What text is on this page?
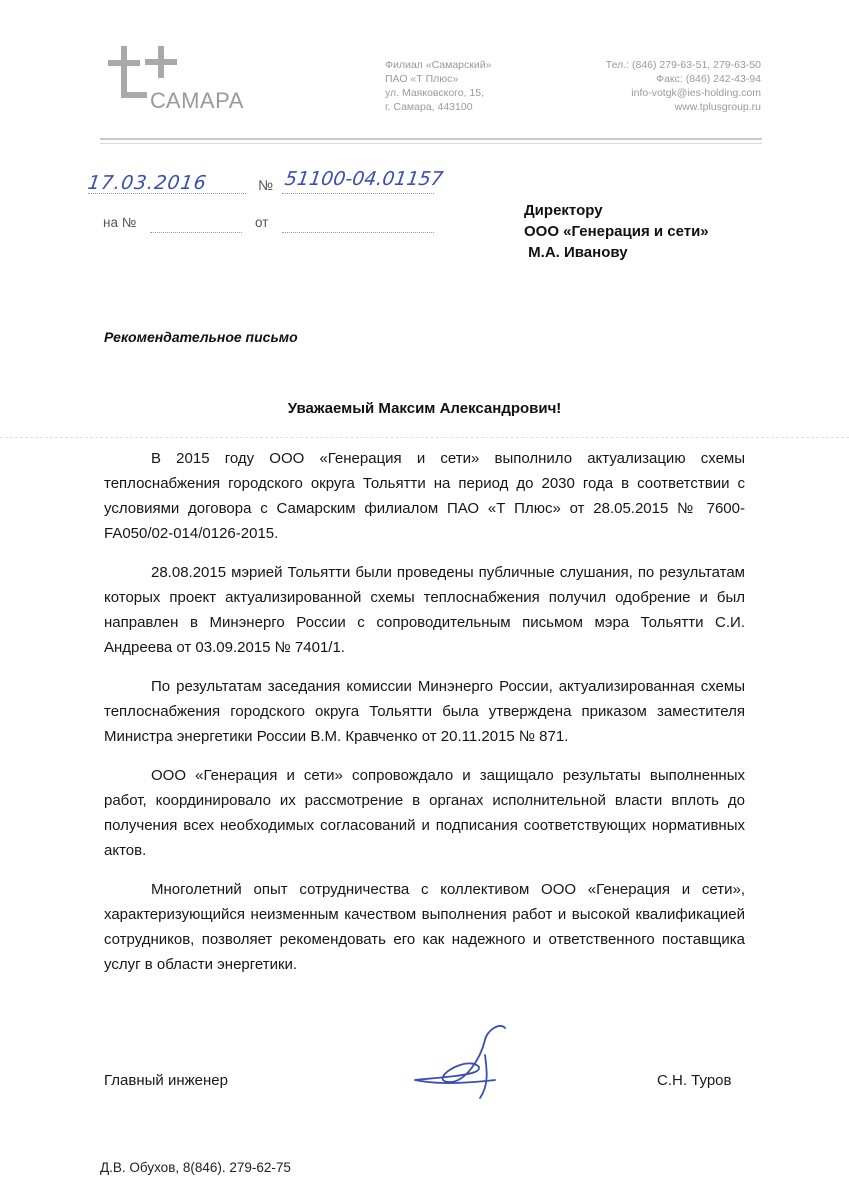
САМАРА
Филиал «Самарский»
ПАО «Т Плюс»
ул. Маяковского, 15,
г. Самара, 443100
Тел.: (846) 279-63-51, 279-63-50
Факс: (846) 242-43-94
info-votgk@ies-holding.com
www.tplusgroup.ru
17.03.2016	№ 51100-04.01157
на №	от
Директору
ООО «Генерация и сети»
М.А. Иванову
Рекомендательное письмо
Уважаемый Максим Александрович!

В 2015 году ООО «Генерация и сети» выполнило актуализацию схемы теплоснабжения городского округа Тольятти на период до 2030 года в соответствии с условиями договора с Самарским филиалом ПАО «Т Плюс» от 28.05.2015 № 7600-FA050/02-014/0126-2015.

28.08.2015 мэрией Тольятти были проведены публичные слушания, по результатам которых проект актуализированной схемы теплоснабжения получил одобрение и был направлен в Минэнерго России с сопроводительным письмом мэра Тольятти С.И. Андреева от 03.09.2015 № 7401/1.

По результатам заседания комиссии Минэнерго России, актуализированная схемы теплоснабжения городского округа Тольятти была утверждена приказом заместителя Министра энергетики России В.М. Кравченко от 20.11.2015 № 871.

ООО «Генерация и сети» сопровождало и защищало результаты выполненных работ, координировало их рассмотрение в органах исполнительной власти вплоть до получения всех необходимых согласований и подписания соответствующих нормативных актов.

Многолетний опыт сотрудничества с коллективом ООО «Генерация и сети», характеризующийся неизменным качеством выполнения работ и высокой квалификацией сотрудников, позволяет рекомендовать его как надежного и ответственного поставщика услуг в области энергетики.

Главный инженер	С.Н. Туров
Д.В. Обухов, 8(846). 279-62-75
